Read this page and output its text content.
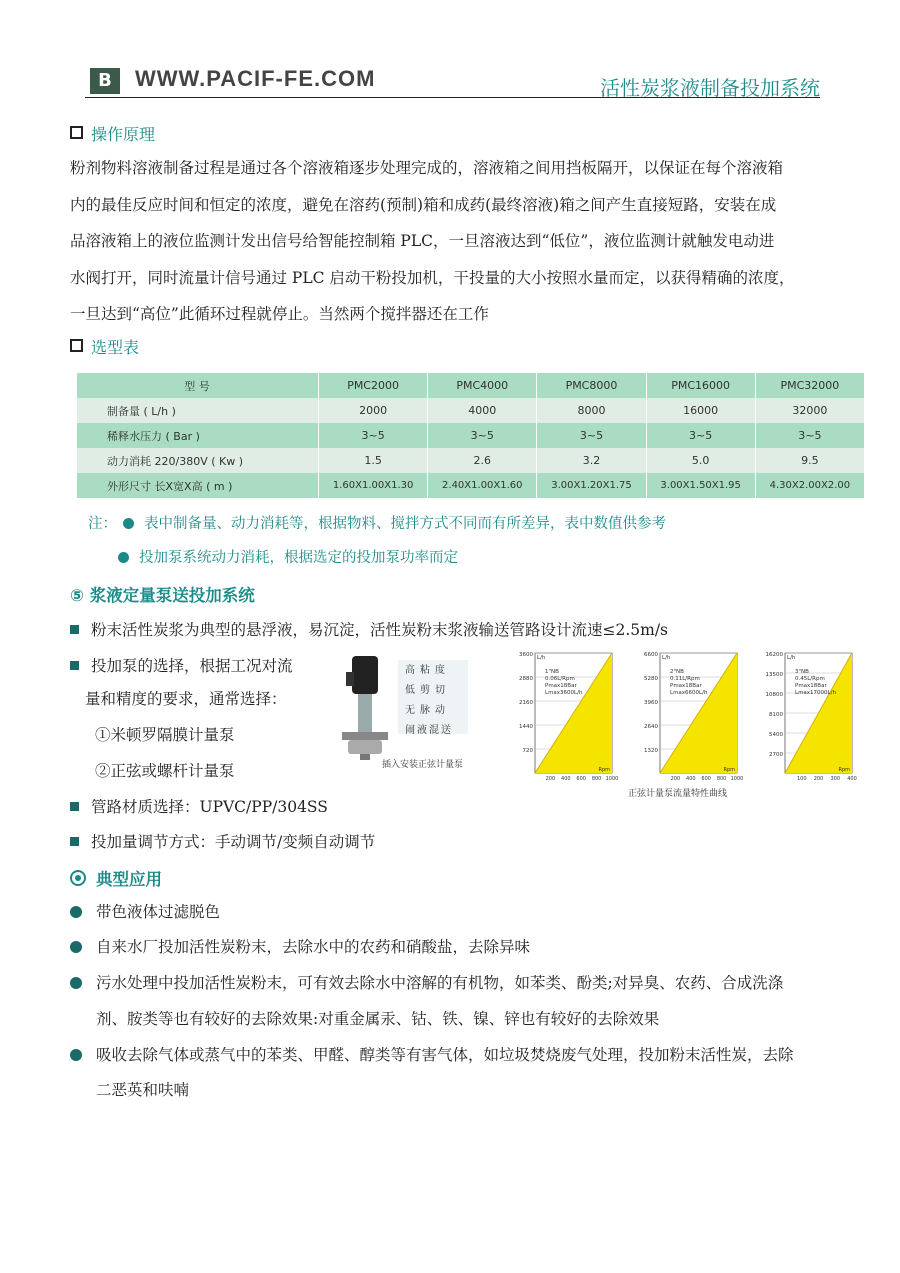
B	WWW.PACIF-FE.COM	活性炭浆液制备投加系统
操作原理
粉剂物料溶液制备过程是通过各个溶液箱逐步处理完成的，溶液箱之间用挡板隔开，以保证在每个溶液箱
内的最佳反应时间和恒定的浓度，避免在溶药(预制)箱和成药(最终溶液)箱之间产生直接短路，安装在成
品溶液箱上的液位监测计发出信号给智能控制箱 PLC，一旦溶液达到“低位”，液位监测计就触发电动进
水阀打开，同时流量计信号通过 PLC 启动干粉投加机，干投量的大小按照水量而定，以获得精确的浓度，
一旦达到“高位”此循环过程就停止。当然两个搅拌器还在工作
选型表
型 号	PMC2000	PMC4000	PMC8000	PMC16000	PMC32000
制备量 ( L/h )	2000	4000	8000	16000	32000
稀释水压力 ( Bar )	3~5	3~5	3~5	3~5	3~5
动力消耗 220/380V ( Kw )	1.5	2.6	3.2	5.0	9.5
外形尺寸 长X宽X高 ( m )	1.60X1.00X1.30	2.40X1.00X1.60	3.00X1.20X1.75	3.00X1.50X1.95	4.30X2.00X2.00
注： 表中制备量、动力消耗等，根据物料、搅拌方式不同而有所差异，表中数值供参考
投加泵系统动力消耗，根据选定的投加泵功率而定
⑤ 浆液定量泵送投加系统
粉末活性炭浆为典型的悬浮液，易沉淀，活性炭粉末浆液输送管路设计流速≤2.5m/s
投加泵的选择，根据工况对流
量和精度的要求，通常选择：
①米顿罗隔膜计量泵
②正弦或螺杆计量泵
管路材质选择：UPVC/PP/304SS
投加量调节方式：手动调节/变频自动调节
高粘度
低剪切
无脉动
闹液混送
插入安装正弦计量泵
720
1440
2160
2880
3600
200 400 600 800 1000
L/h
Rpm
1"NB
0.06L/Rpm
Pmax18Bar
Lmax3600L/h
1320
2640
3960
5280
6600
200 400 600 800 1000
L/h
Rpm
2"NB
0.11L/Rpm
Pmax18Bar
Lmax6600L/h
2700
5400
8100
10800
13500
16200
100 200 300 400
L/h
Rpm
3"NB
0.45L/Rpm
Pmax18Bar
Lmax17000L/h
正弦计量泵流量特性曲线
典型应用
带色液体过滤脱色
自来水厂投加活性炭粉末，去除水中的农药和硝酸盐，去除异味
污水处理中投加活性炭粉末，可有效去除水中溶解的有机物，如苯类、酚类;对异臭、农药、合成洗涤
剂、胺类等也有较好的去除效果:对重金属汞、钴、铁、镍、锌也有较好的去除效果
吸收去除气体或蒸气中的苯类、甲醛、醇类等有害气体，如垃圾焚烧废气处理，投加粉末活性炭，去除
二恶英和呋喃
